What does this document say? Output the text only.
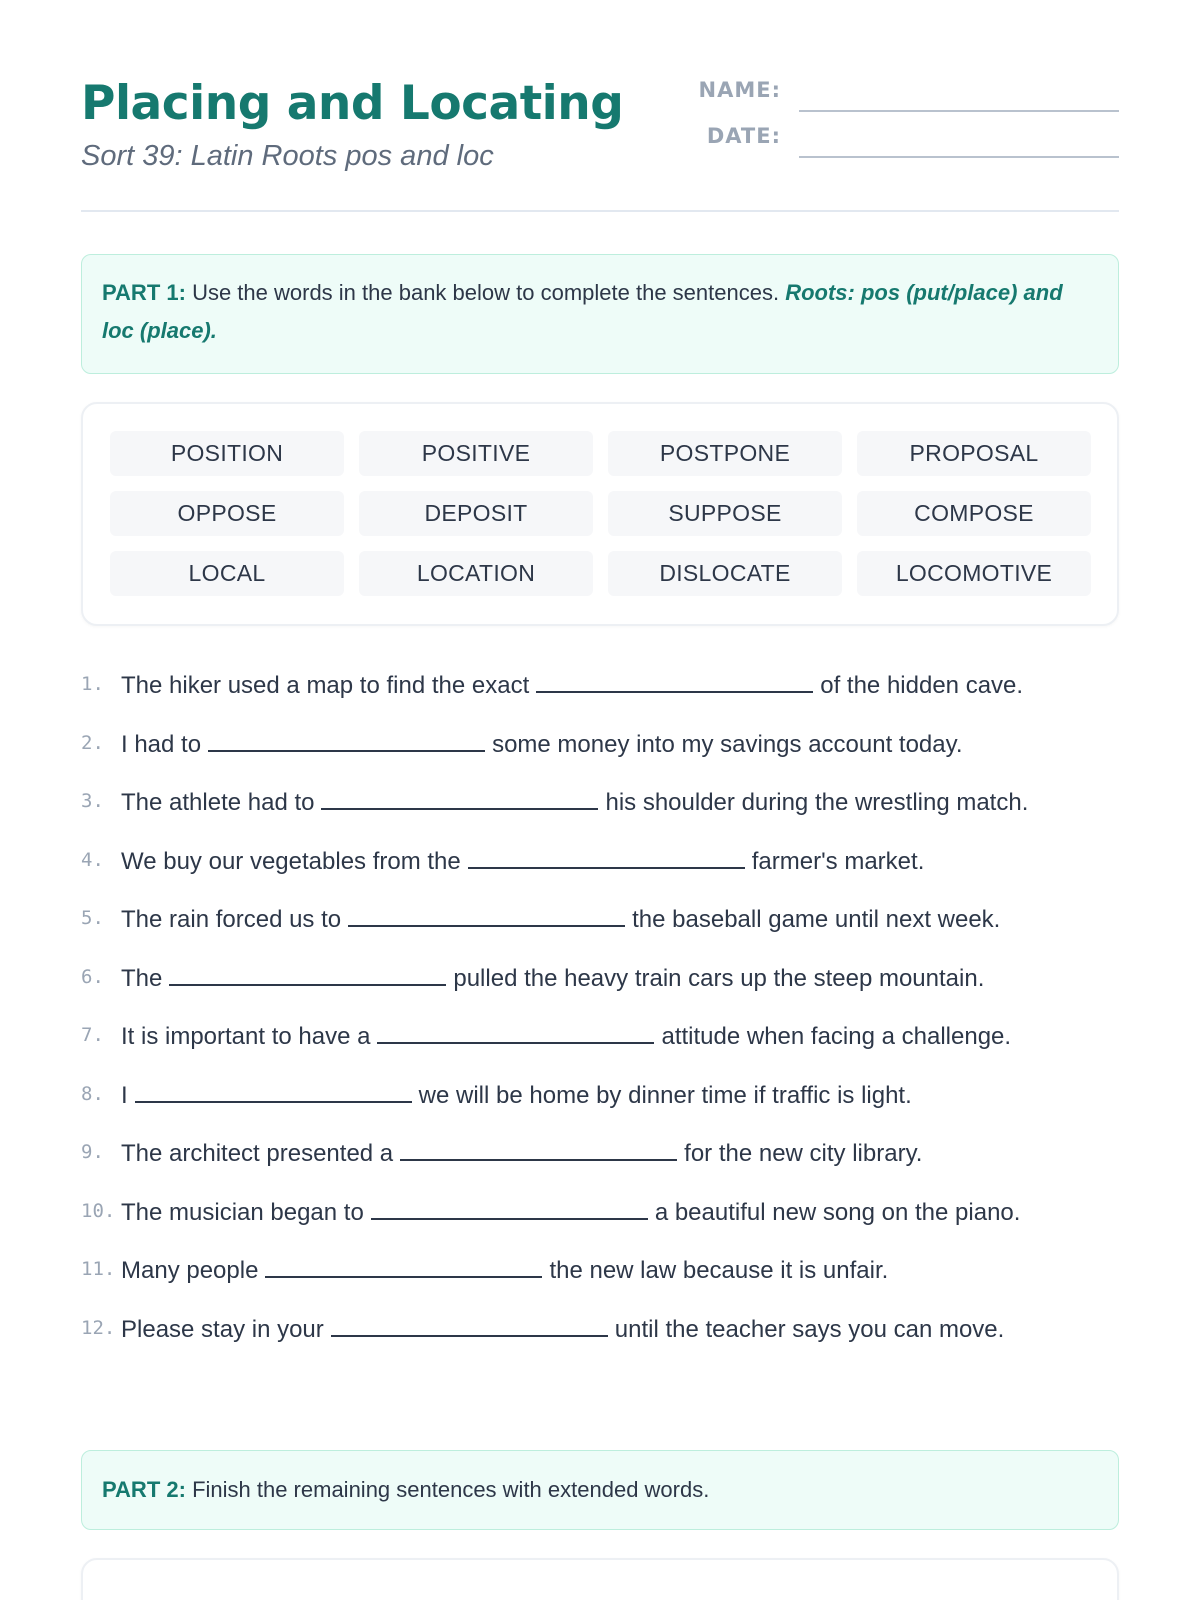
Placing and Locating
Sort 39: Latin Roots pos and loc
NAME:
DATE:
PART 1: Use the words in the bank below to complete the sentences. Roots: pos (put/place) and loc (place).
POSITION	POSITIVE	POSTPONE	PROPOSAL
OPPOSE	DEPOSIT	SUPPOSE	COMPOSE
LOCAL	LOCATION	DISLOCATE	LOCOMOTIVE
1. The hiker used a map to find the exact	of the hidden cave.
2. I had to	some money into my savings account today.
3. The athlete had to	his shoulder during the wrestling match.
4. We buy our vegetables from the	farmer's market.
5. The rain forced us to	the baseball game until next week.
6. The	pulled the heavy train cars up the steep mountain.
7. It is important to have a	attitude when facing a challenge.
8. I	we will be home by dinner time if traffic is light.
9. The architect presented a	for the new city library.
10. The musician began to	a beautiful new song on the piano.
11. Many people	the new law because it is unfair.
12. Please stay in your	until the teacher says you can move.
PART 2: Finish the remaining sentences with extended words.
